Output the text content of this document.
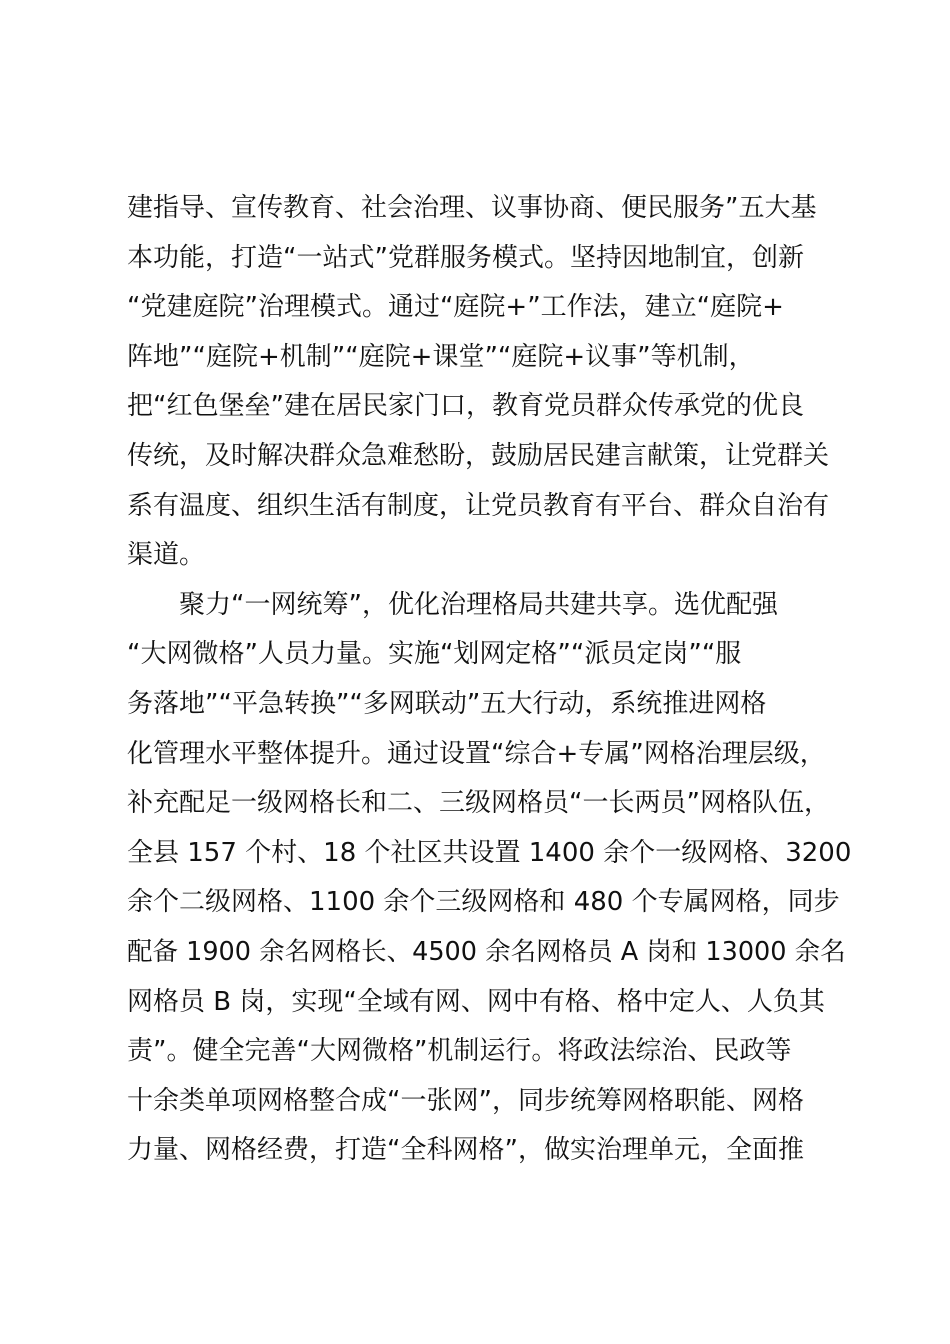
建指导、宣传教育、社会治理、议事协商、便民服务”五大基
本功能，打造“一站式”党群服务模式。坚持因地制宜，创新
“党建庭院”治理模式。通过“庭院+”工作法，建立“庭院+
阵地”“庭院+机制”“庭院+课堂”“庭院+议事”等机制，
把“红色堡垒”建在居民家门口，教育党员群众传承党的优良
传统，及时解决群众急难愁盼，鼓励居民建言献策，让党群关
系有温度、组织生活有制度，让党员教育有平台、群众自治有
渠道。
　　聚力“一网统筹”，优化治理格局共建共享。选优配强
“大网微格”人员力量。实施“划网定格”“派员定岗”“服
务落地”“平急转换”“多网联动”五大行动，系统推进网格
化管理水平整体提升。通过设置“综合+专属”网格治理层级，
补充配足一级网格长和二、三级网格员“一长两员”网格队伍，
全县 157 个村、18 个社区共设置 1400 余个一级网格、3200
余个二级网格、1100 余个三级网格和 480 个专属网格，同步
配备 1900 余名网格长、4500 余名网格员 A 岗和 13000 余名
网格员 B 岗，实现“全域有网、网中有格、格中定人、人负其
责”。健全完善“大网微格”机制运行。将政法综治、民政等
十余类单项网格整合成“一张网”，同步统筹网格职能、网格
力量、网格经费，打造“全科网格”，做实治理单元，全面推
